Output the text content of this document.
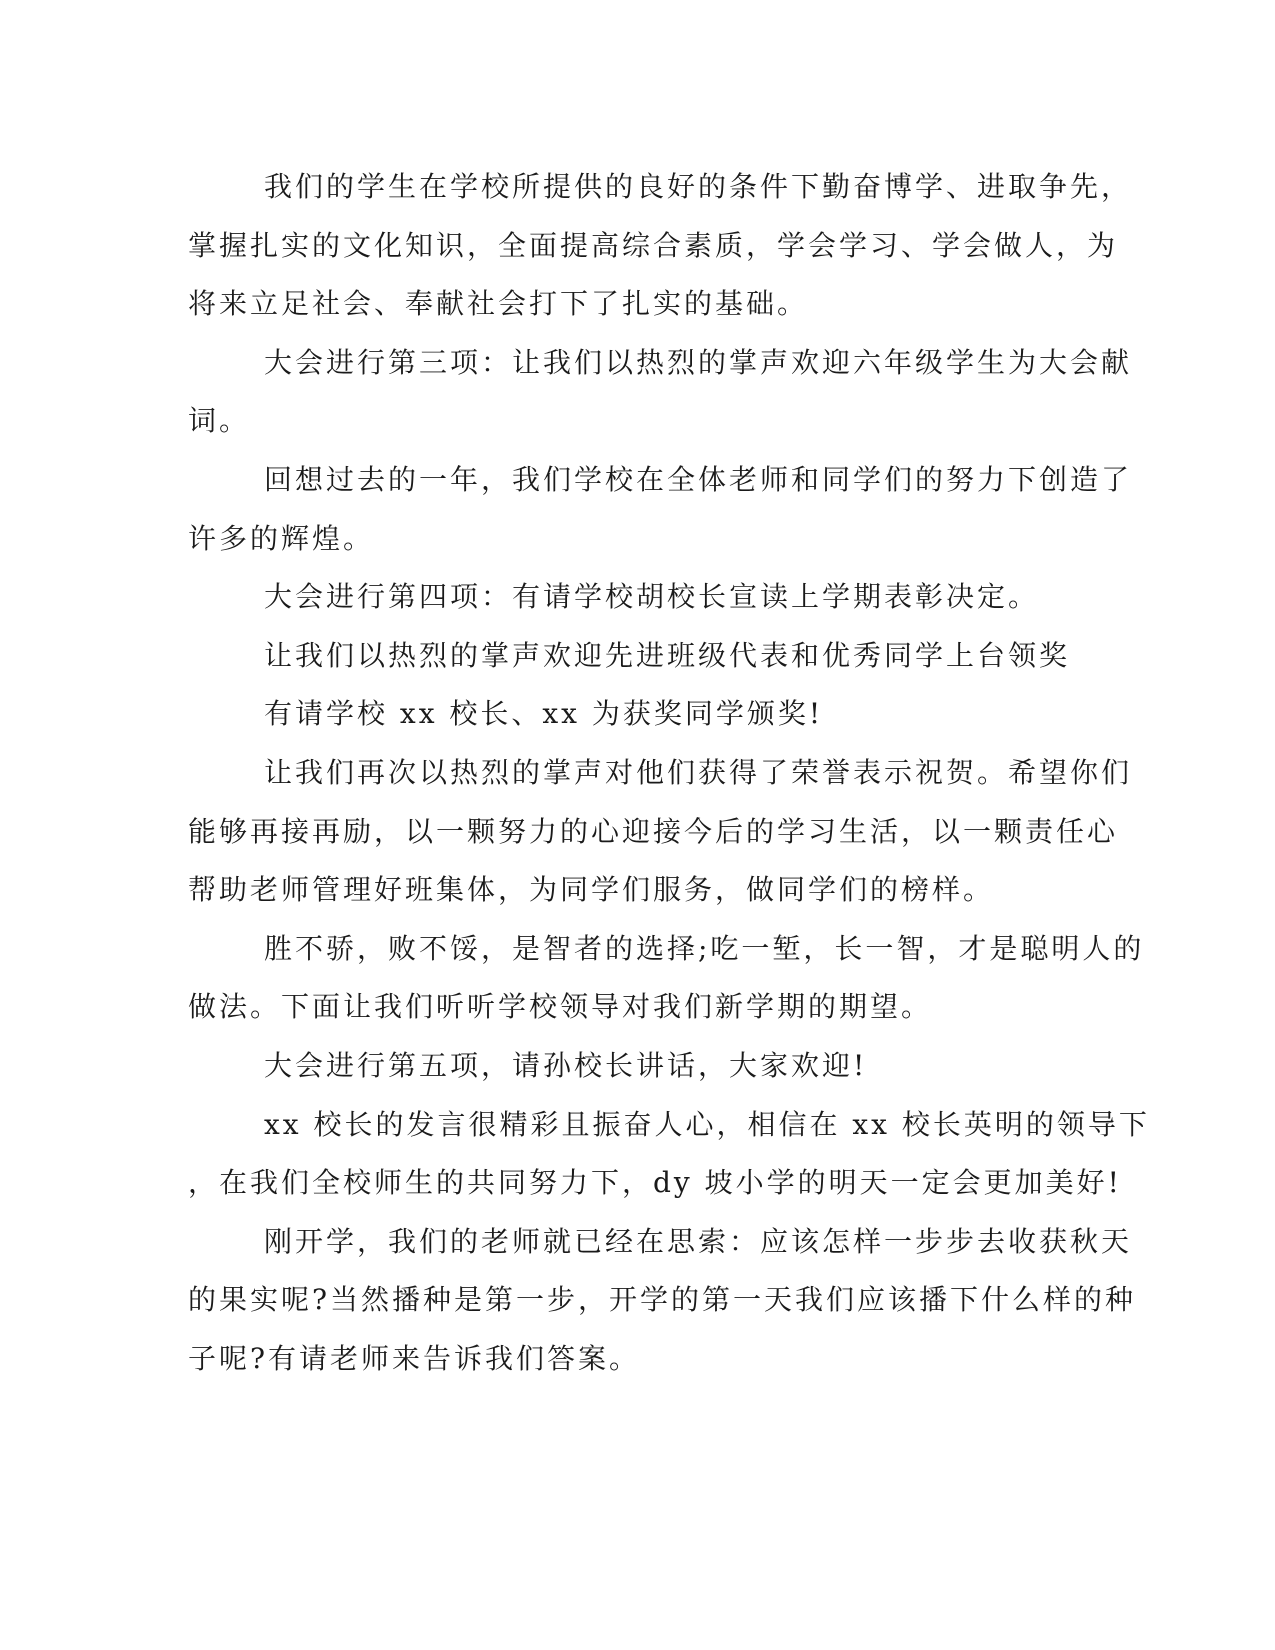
我们的学生在学校所提供的良好的条件下勤奋博学、进取争先，
掌握扎实的文化知识，全面提高综合素质，学会学习、学会做人，为
将来立足社会、奉献社会打下了扎实的基础。
大会进行第三项：让我们以热烈的掌声欢迎六年级学生为大会献
词。
回想过去的一年，我们学校在全体老师和同学们的努力下创造了
许多的辉煌。
大会进行第四项：有请学校胡校长宣读上学期表彰决定。
让我们以热烈的掌声欢迎先进班级代表和优秀同学上台领奖
有请学校 xx 校长、xx 为获奖同学颁奖!
让我们再次以热烈的掌声对他们获得了荣誉表示祝贺。希望你们
能够再接再励，以一颗努力的心迎接今后的学习生活，以一颗责任心
帮助老师管理好班集体，为同学们服务，做同学们的榜样。
胜不骄，败不馁，是智者的选择;吃一堑，长一智，才是聪明人的
做法。下面让我们听听学校领导对我们新学期的期望。
大会进行第五项，请孙校长讲话，大家欢迎!
xx 校长的发言很精彩且振奋人心，相信在 xx 校长英明的领导下
，在我们全校师生的共同努力下，dy 坡小学的明天一定会更加美好!
刚开学，我们的老师就已经在思索：应该怎样一步步去收获秋天
的果实呢?当然播种是第一步，开学的第一天我们应该播下什么样的种
子呢?有请老师来告诉我们答案。
